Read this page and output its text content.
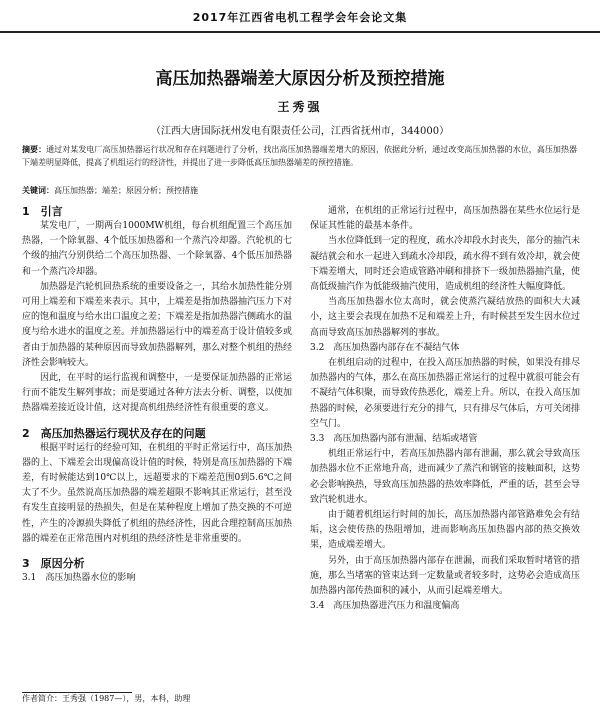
2017年江西省电机工程学会年会论文集
高压加热器端差大原因分析及预控措施
王秀强
（江西大唐国际抚州发电有限责任公司，江西省抚州市，344000）
摘要：通过对某发电厂高压加热器运行状况和存在问题进行了分析，找出高压加热器端差增大的原因，依据此分析，通过改变高压加热器的水位，高压加热器下端差明显降低，提高了机组运行的经济性，并提出了进一步降低高压加热器端差的预控措施。
关键词：高压加热器；端差；原因分析；预控措施
1　引言

某发电厂，一期两台1000MW机组，每台机组配置三个高压加热器，一个除氧器、4个低压加热器和一个蒸汽冷却器。汽轮机的七个级的抽汽分别供给二个高压加热器、一个除氧器、4个低压加热器和一个蒸汽冷却器。

加热器是汽轮机回热系统的重要设备之一，其给水加热性能分别可用上端差和下端差来表示。其中，上端差是指加热器抽汽压力下对应的饱和温度与给水出口温度之差；下端差是指加热器汽侧疏水的温度与给水进水的温度之差。并加热器运行中的端差高于设计值较多或者由于加热器的某种原因而导致加热器解列，那么对整个机组的热经济性会影响较大。

因此，在平时的运行监视和调整中，一是要保证加热器的正常运行而不能发生解列事故；而是要通过各种方法去分析、调整，以使加热器端差接近设计值，这对提高机组热经济性有很重要的意义。

2　高压加热器运行现状及存在的问题

根据平时运行的经验可知，在机组的平时正常运行中，高压加热器的上、下端差会出现偏高设计值的时候，特别是高压加热器的下端差，有时候能达到10℃以上，远超要求的下端差范围0到5.6℃之间太了不少。虽然说高压加热器的端差超限不影响其正常运行，甚至没有发生直接明显的热损失，但是在某种程度上增加了热交换的不可逆性，产生的冷源损失降低了机组的热经济性，因此合理控制高压加热器的端差在正常范围内对机组的热经济性是非常重要的。

3　原因分析
3.1　高压加热器水位的影响

通常，在机组的正常运行过程中，高压加热器在某些水位运行是保证其性能的最基本条件。

当水位降低到一定的程度，疏水冷却段水封丧失，部分的抽汽未凝结就会和水一起进入到疏水冷却段，疏水得不到有效冷却，就会使下端差增大，同时还会造成管路冲刷和排挤下一级加热器抽汽量，使高低级抽汽作为低能级抽汽使用，造成机组的经济性大幅度降低。

当高压加热器水位太高时，就会使蒸汽凝结放热的面积大大减小，这主要会表现在加热不足和端差上升，有时候甚至发生因水位过高而导致高压加热器解列的事故。

3.2　高压加热器内部存在不凝结气体

在机组启动的过程中，在投入高压加热器的时候，如果没有排尽加热器内的气体，那么在高压加热器正常运行的过程中就很可能会有不凝结气体积聚，而导致传热恶化，端差上升。所以，在投入高压加热器的时候，必须要进行充分的排气，只有排尽气体后，方可关闭排空气门。

3.3　高压加热器内部有泄漏、结垢或堵管

机组正常运行中，若高压加热器内部有泄漏，那么就会导致高压加热器水位不正常地升高，进而减少了蒸汽和钢管的接触面积，这势必会影响换热，导致高压加热器的热效率降低，严重的话，甚至会导致汽轮机进水。

由于随着机组运行时间的加长，高压加热器内部管路难免会有结垢，这会使传热的热阻增加，进而影响高压加热器内部的热交换效果，造成端差增大。

另外，由于高压加热器内部存在泄漏，而我们采取暂时堵管的措施，那么当堵塞的管束达到一定数量或者较多时，这势必会造成高压加热器内部传热面积的减小，从而引起端差增大。

3.4　高压加热器进汽压力和温度偏高
作者简介：王秀强（1987—），男，本科，助理
